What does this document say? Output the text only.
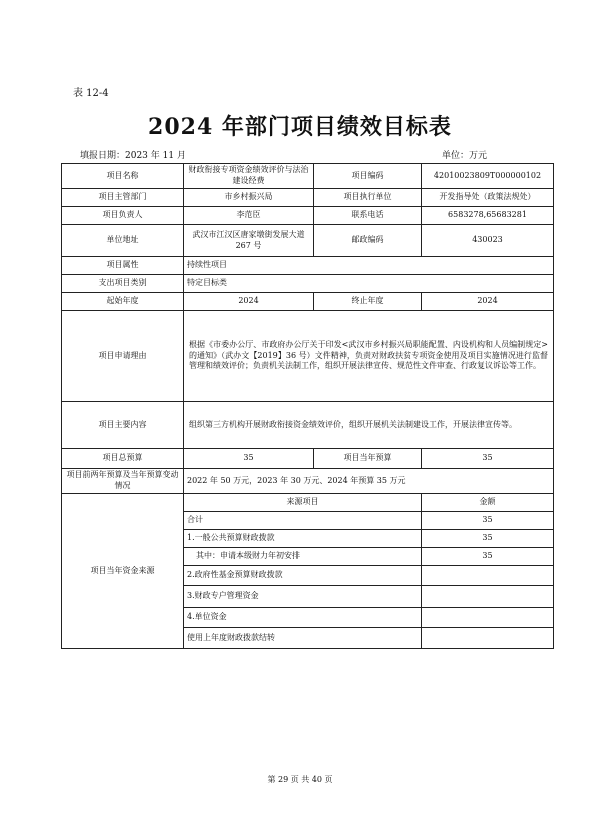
表 12-4
2024 年部门项目绩效目标表
填报日期：2023 年 11 月	单位：万元
项目名称	财政衔接专项资金绩效评价与法治建设经费	项目编码	42010023809T000000102
项目主管部门	市乡村振兴局	项目执行单位	开发指导处（政策法规处）
项目负责人	李范臣	联系电话	6583278,65683281
单位地址	武汉市江汉区唐家墩街发展大道 267 号	邮政编码	430023
项目属性	持续性项目		
支出项目类别	特定目标类		
起始年度	2024	终止年度	2024
项目申请理由	根据《市委办公厅、市政府办公厅关于印发<武汉市乡村振兴局职能配置、内设机构和人员编制规定>的通知》（武办文【2019】36 号）文件精神，负责对财政扶贫专项资金使用及项目实施情况进行监督管理和绩效评价；负责机关法制工作，组织开展法律宣传、规范性文件审查、行政复议诉讼等工作。		
项目主要内容	组织第三方机构开展财政衔接资金绩效评价，组织开展机关法制建设工作，开展法律宣传等。		
项目总预算	35	项目当年预算	35
项目前两年预算及当年预算变动情况	2022 年 50 万元，2023 年 30 万元、2024 年预算 35 万元		
项目当年资金来源	来源项目		金额
	合计		35
	1.一般公共预算财政拨款		35
	其中：申请本级财力年初安排		35
	2.政府性基金预算财政拨款		
	3.财政专户管理资金		
	4.单位资金		
	使用上年度财政拨款结转		
第 29 页 共 40 页
